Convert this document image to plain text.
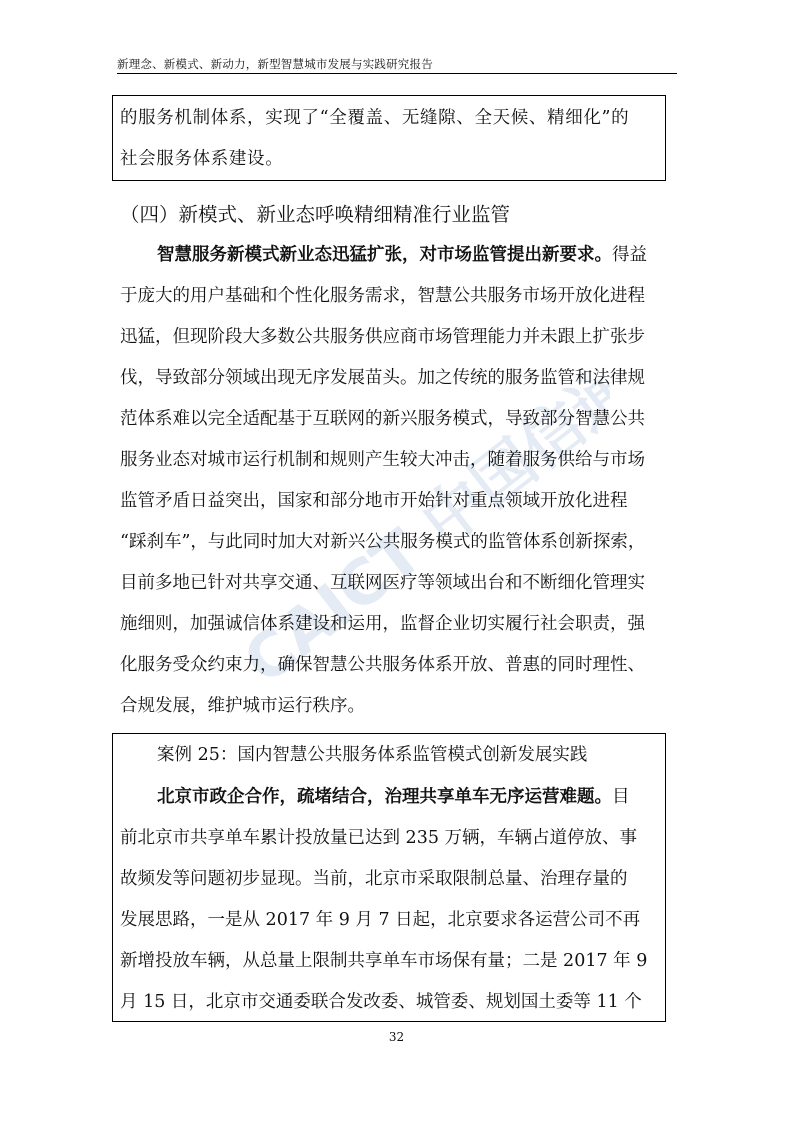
CAICT 中国信通院
新理念、新模式、新动力，新型智慧城市发展与实践研究报告
的服务机制体系，实现了“全覆盖、无缝隙、全天候、精细化”的
社会服务体系建设。
（四）新模式、新业态呼唤精细精准行业监管
智慧服务新模式新业态迅猛扩张，对市场监管提出新要求。得益
于庞大的用户基础和个性化服务需求，智慧公共服务市场开放化进程
迅猛，但现阶段大多数公共服务供应商市场管理能力并未跟上扩张步
伐，导致部分领域出现无序发展苗头。加之传统的服务监管和法律规
范体系难以完全适配基于互联网的新兴服务模式，导致部分智慧公共
服务业态对城市运行机制和规则产生较大冲击，随着服务供给与市场
监管矛盾日益突出，国家和部分地市开始针对重点领域开放化进程
“踩刹车”，与此同时加大对新兴公共服务模式的监管体系创新探索，
目前多地已针对共享交通、互联网医疗等领域出台和不断细化管理实
施细则，加强诚信体系建设和运用，监督企业切实履行社会职责，强
化服务受众约束力，确保智慧公共服务体系开放、普惠的同时理性、
合规发展，维护城市运行秩序。
案例 25：国内智慧公共服务体系监管模式创新发展实践
北京市政企合作，疏堵结合，治理共享单车无序运营难题。目
前北京市共享单车累计投放量已达到 235 万辆，车辆占道停放、事
故频发等问题初步显现。当前，北京市采取限制总量、治理存量的
发展思路，一是从 2017 年 9 月 7 日起，北京要求各运营公司不再
新增投放车辆，从总量上限制共享单车市场保有量；二是 2017 年 9
月 15 日，北京市交通委联合发改委、城管委、规划国土委等 11 个
32
